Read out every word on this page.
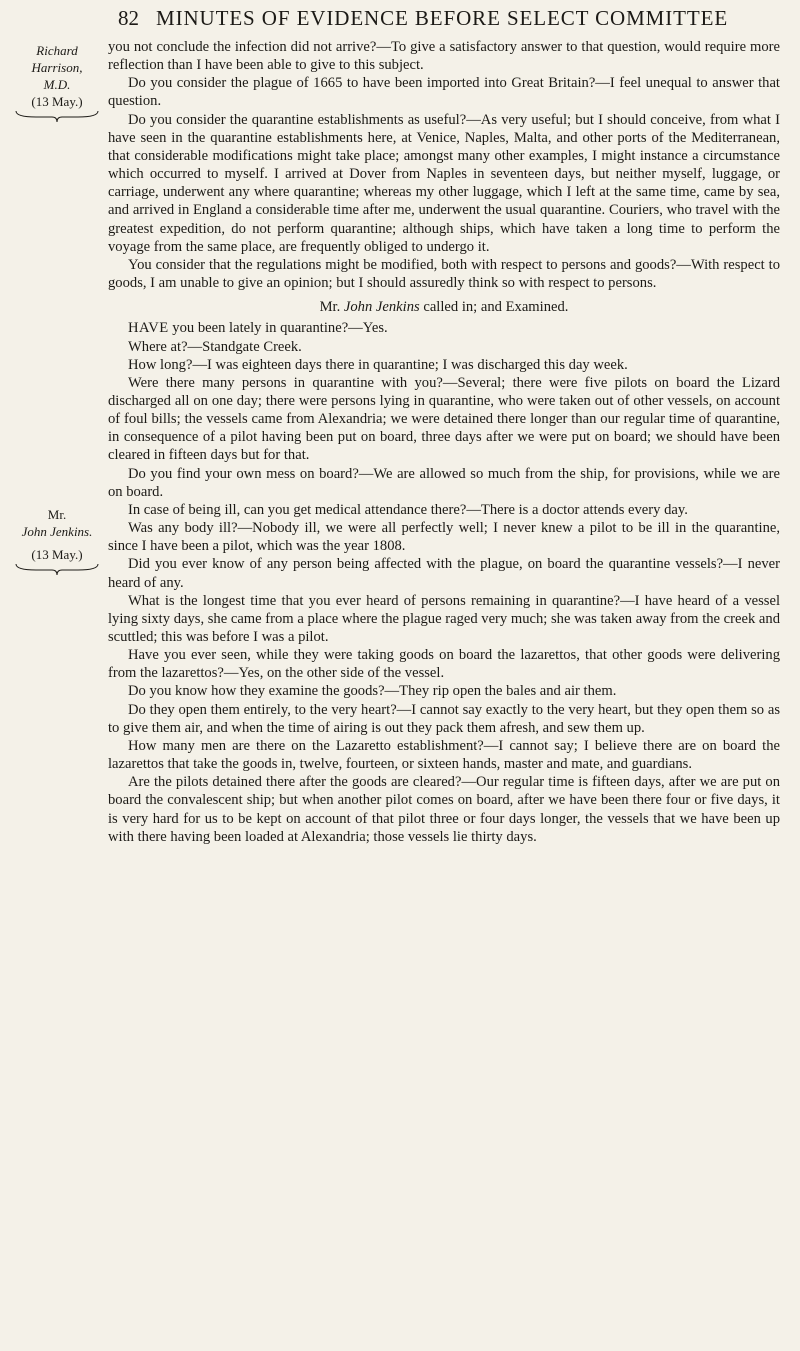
82 MINUTES OF EVIDENCE BEFORE SELECT COMMITTEE
Richard Harrison,
M.D.
(13 May.)
Mr.
John Jenkins.
(13 May.)

you not conclude the infection did not arrive?—To give a satisfactory answer to that question, would require more reflection than I have been able to give to this subject.

Do you consider the plague of 1665 to have been imported into Great Britain?—I feel unequal to answer that question.

Do you consider the quarantine establishments as useful?—As very useful; but I should conceive, from what I have seen in the quarantine establishments here, at Venice, Naples, Malta, and other ports of the Mediterranean, that considerable modifications might take place; amongst many other examples, I might instance a circumstance which occurred to myself. I arrived at Dover from Naples in seventeen days, but neither myself, luggage, or carriage, underwent any where quarantine; whereas my other luggage, which I left at the same time, came by sea, and arrived in England a considerable time after me, underwent the usual quarantine. Couriers, who travel with the greatest expedition, do not perform quarantine; although ships, which have taken a long time to perform the voyage from the same place, are frequently obliged to undergo it.

You consider that the regulations might be modified, both with respect to persons and goods?—With respect to goods, I am unable to give an opinion; but I should assuredly think so with respect to persons.

Mr. John Jenkins called in; and Examined.

HAVE you been lately in quarantine?—Yes.

Where at?—Standgate Creek.

How long?—I was eighteen days there in quarantine; I was discharged this day week.

Were there many persons in quarantine with you?—Several; there were five pilots on board the Lizard discharged all on one day; there were persons lying in quarantine, who were taken out of other vessels, on account of foul bills; the vessels came from Alexandria; we were detained there longer than our regular time of quarantine, in consequence of a pilot having been put on board, three days after we were put on board; we should have been cleared in fifteen days but for that.

Do you find your own mess on board?—We are allowed so much from the ship, for provisions, while we are on board.

In case of being ill, can you get medical attendance there?—There is a doctor attends every day.

Was any body ill?—Nobody ill, we were all perfectly well; I never knew a pilot to be ill in the quarantine, since I have been a pilot, which was the year 1808.

Did you ever know of any person being affected with the plague, on board the quarantine vessels?—I never heard of any.

What is the longest time that you ever heard of persons remaining in quarantine?—I have heard of a vessel lying sixty days, she came from a place where the plague raged very much; she was taken away from the creek and scuttled; this was before I was a pilot.

Have you ever seen, while they were taking goods on board the lazarettos, that other goods were delivering from the lazarettos?—Yes, on the other side of the vessel.

Do you know how they examine the goods?—They rip open the bales and air them.

Do they open them entirely, to the very heart?—I cannot say exactly to the very heart, but they open them so as to give them air, and when the time of airing is out they pack them afresh, and sew them up.

How many men are there on the Lazaretto establishment?—I cannot say; I believe there are on board the lazarettos that take the goods in, twelve, fourteen, or sixteen hands, master and mate, and guardians.

Are the pilots detained there after the goods are cleared?—Our regular time is fifteen days, after we are put on board the convalescent ship; but when another pilot comes on board, after we have been there four or five days, it is very hard for us to be kept on account of that pilot three or four days longer, the vessels that we have been up with there having been loaded at Alexandria; those vessels lie thirty days.
